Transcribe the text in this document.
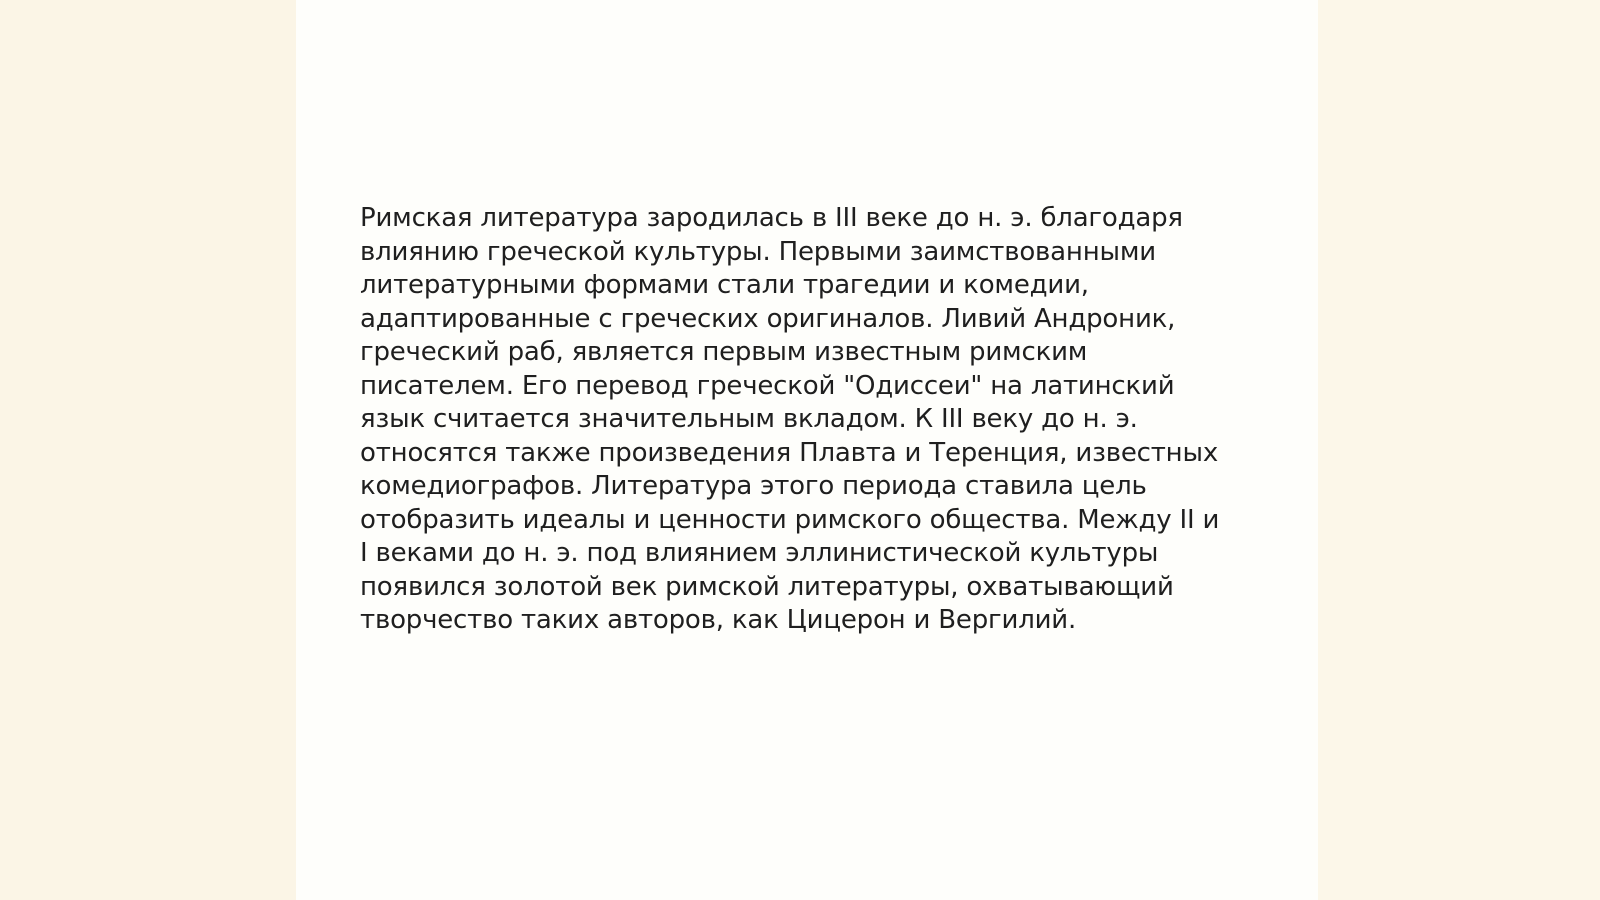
Римская литература зародилась в III веке до н. э. благодаря
влиянию греческой культуры. Первыми заимствованными
литературными формами стали трагедии и комедии,
адаптированные с греческих оригиналов. Ливий Андроник,
греческий раб, является первым известным римским
писателем. Его перевод греческой "Одиссеи" на латинский
язык считается значительным вкладом. К III веку до н. э.
относятся также произведения Плавта и Теренция, известных
комедиографов. Литература этого периода ставила цель
отобразить идеалы и ценности римского общества. Между II и
I веками до н. э. под влиянием эллинистической культуры
появился золотой век римской литературы, охватывающий
творчество таких авторов, как Цицерон и Вергилий.
